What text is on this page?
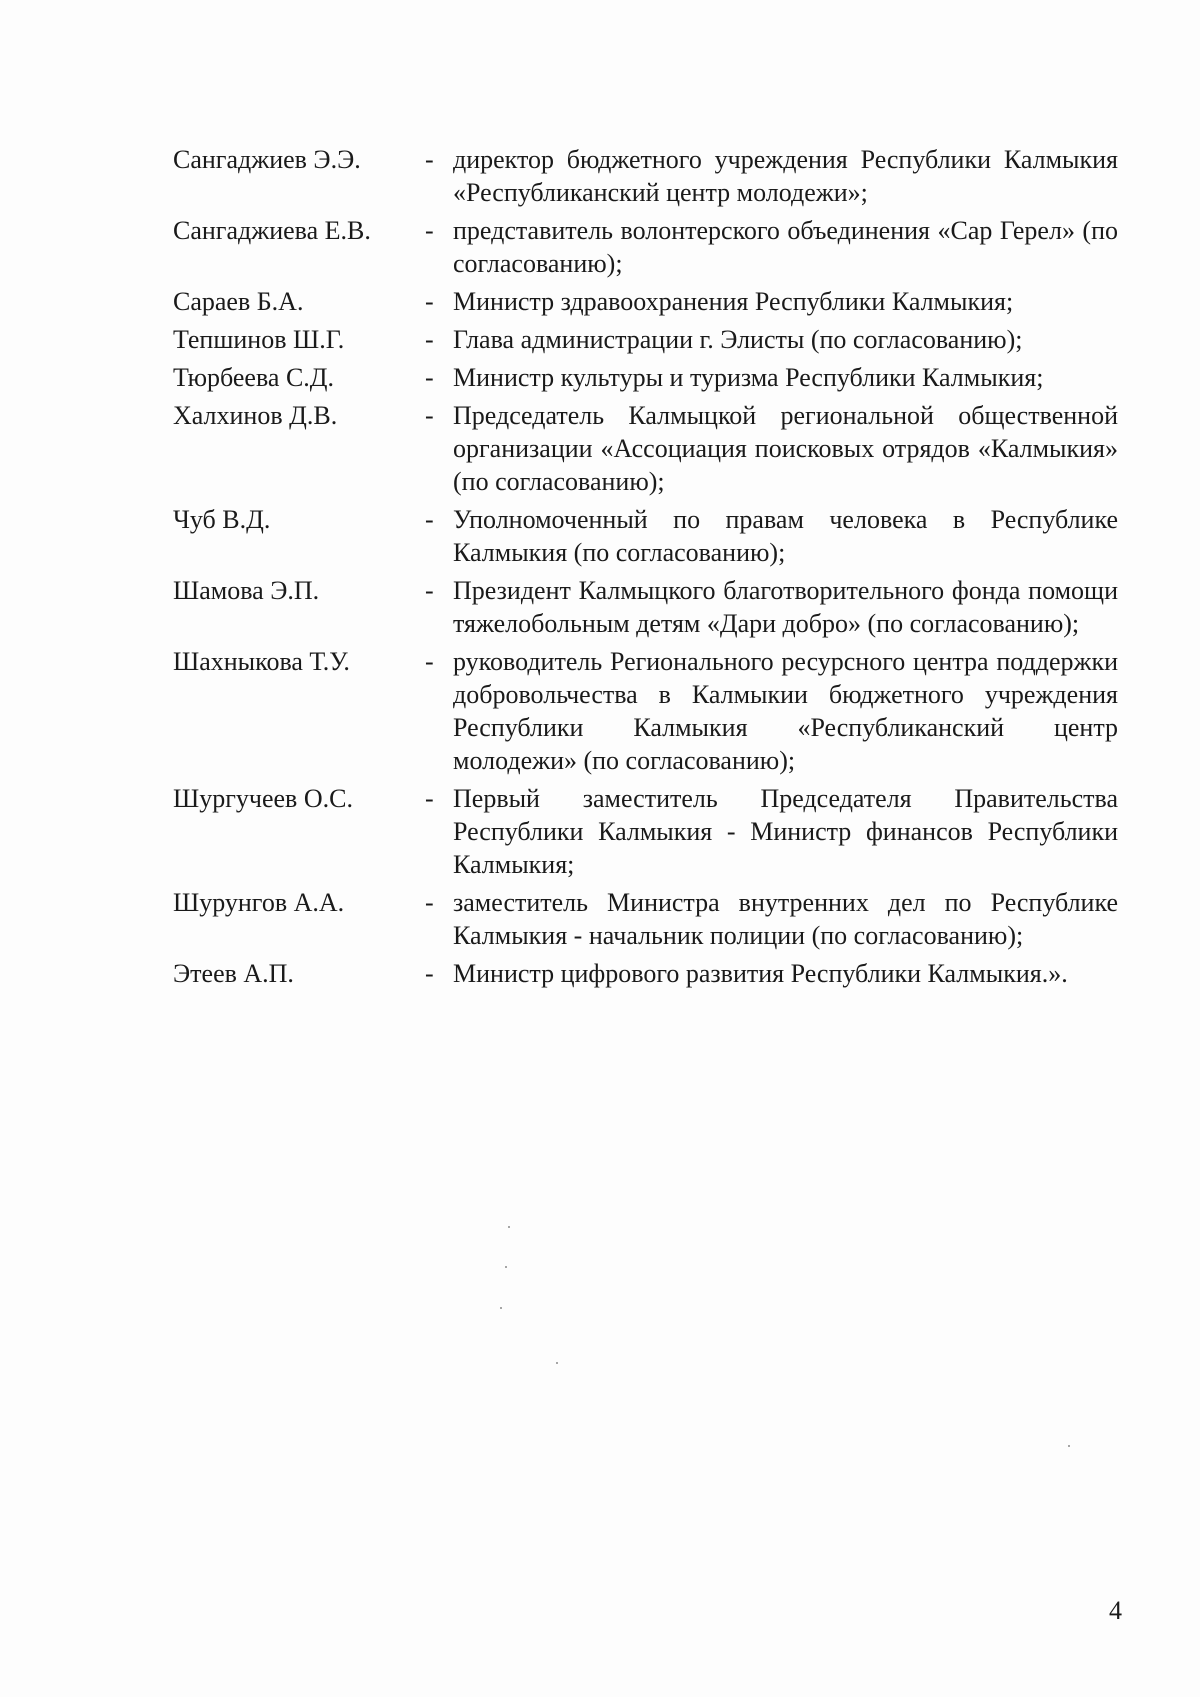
Сангаджиев Э.Э.	- директор бюджетного учреждения Республики Калмыкия «Республиканский центр молодежи»;
Сангаджиева Е.В.	- представитель волонтерского объединения «Сар Герел» (по согласованию);
Сараев Б.А.	- Министр здравоохранения Республики Калмыкия;
Тепшинов Ш.Г.	- Глава администрации г. Элисты (по согласованию);
Тюрбеева С.Д.	- Министр культуры и туризма Республики Калмыкия;
Халхинов Д.В.	- Председатель Калмыцкой региональной общественной организации «Ассоциация поисковых отрядов «Калмыкия» (по согласованию);
Чуб В.Д.	- Уполномоченный по правам человека в Республике Калмыкия (по согласованию);
Шамова Э.П.	- Президент Калмыцкого благотворительного фонда помощи тяжелобольным детям «Дари добро» (по согласованию);
Шахныкова Т.У.	- руководитель Регионального ресурсного центра поддержки добровольчества в Калмыкии бюджетного учреждения Республики Калмыкия «Республиканский центр молодежи» (по согласованию);
Шургучеев О.С.	- Первый заместитель Председателя Правительства Республики Калмыкия - Министр финансов Республики Калмыкия;
Шурунгов А.А.	- заместитель Министра внутренних дел по Республике Калмыкия - начальник полиции (по согласованию);
Этеев А.П.	- Министр цифрового развития Республики Калмыкия.».
4
